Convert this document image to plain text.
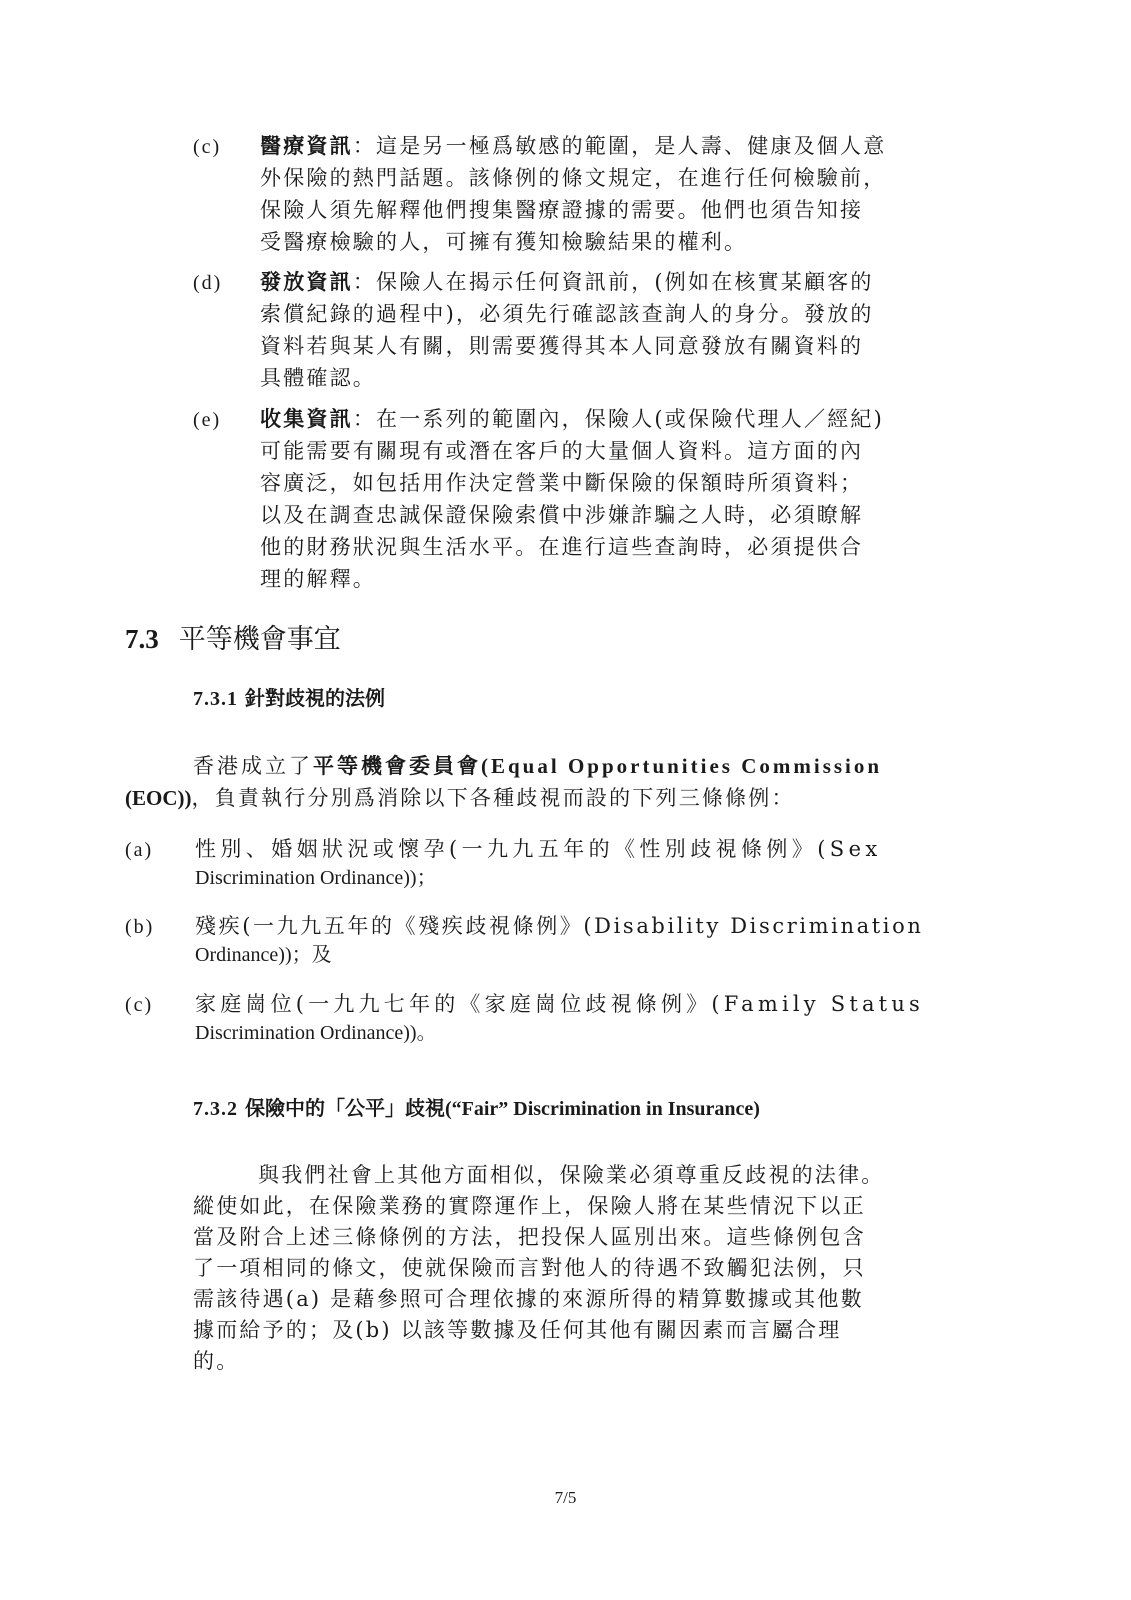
(c) 醫療資訊：這是另一極爲敏感的範圍，是人壽、健康及個人意
外保險的熱門話題。該條例的條文規定，在進行任何檢驗前，
保險人須先解釋他們搜集醫療證據的需要。他們也須告知接
受醫療檢驗的人，可擁有獲知檢驗結果的權利。
(d) 發放資訊：保險人在揭示任何資訊前，(例如在核實某顧客的
索償紀錄的過程中)，必須先行確認該查詢人的身分。發放的
資料若與某人有關，則需要獲得其本人同意發放有關資料的
具體確認。
(e) 收集資訊：在一系列的範圍內，保險人(或保險代理人／經紀)
可能需要有關現有或潛在客戶的大量個人資料。這方面的內
容廣泛，如包括用作決定營業中斷保險的保額時所須資料；
以及在調查忠誠保證保險索償中涉嫌詐騙之人時，必須瞭解
他的財務狀況與生活水平。在進行這些查詢時，必須提供合
理的解釋。
7.3 平等機會事宜
7.3.1 針對歧視的法例
香港成立了平等機會委員會(Equal Opportunities Commission
(EOC))，負責執行分別爲消除以下各種歧視而設的下列三條條例：
(a) 性別、婚姻狀況或懷孕(一九九五年的《性別歧視條例》(Sex
Discrimination Ordinance))；
(b) 殘疾(一九九五年的《殘疾歧視條例》(Disability Discrimination
Ordinance))；及
(c) 家庭崗位(一九九七年的《家庭崗位歧視條例》(Family Status
Discrimination Ordinance))。
7.3.2 保險中的「公平」歧視(“Fair” Discrimination in Insurance)
與我們社會上其他方面相似，保險業必須尊重反歧視的法律。
縱使如此，在保險業務的實際運作上，保險人將在某些情況下以正
當及附合上述三條條例的方法，把投保人區別出來。這些條例包含
了一項相同的條文，使就保險而言對他人的待遇不致觸犯法例，只
需該待遇(a) 是藉參照可合理依據的來源所得的精算數據或其他數
據而給予的；及(b) 以該等數據及任何其他有關因素而言屬合理
的。
7/5
